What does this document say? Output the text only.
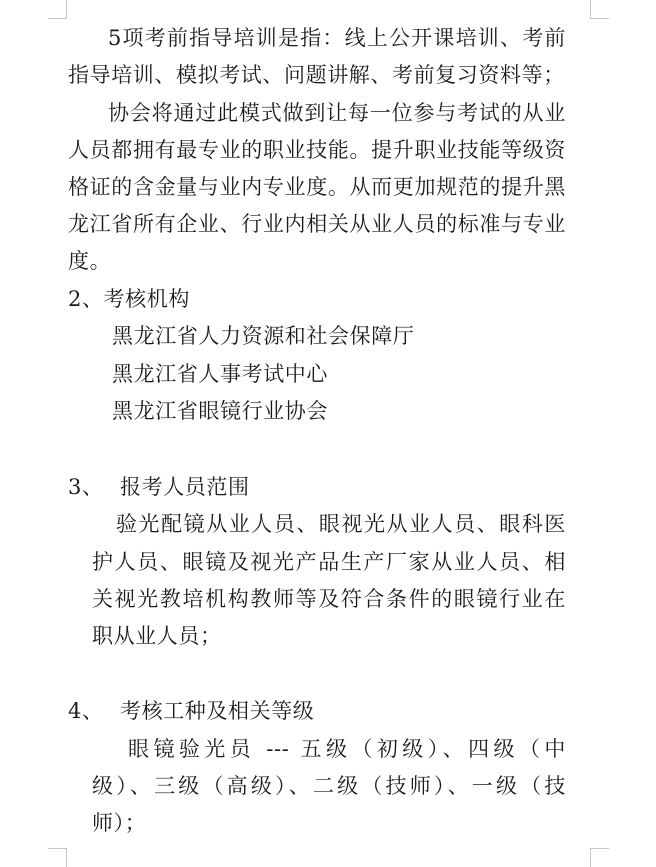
5项考前指导培训是指：线上公开课培训、考前
指导培训、模拟考试、问题讲解、考前复习资料等；
协会将通过此模式做到让每一位参与考试的从业
人员都拥有最专业的职业技能。提升职业技能等级资
格证的含金量与业内专业度。从而更加规范的提升黑
龙江省所有企业、行业内相关从业人员的标准与专业
度。
2、考核机构
黑龙江省人力资源和社会保障厅
黑龙江省人事考试中心
黑龙江省眼镜行业协会
3、 报考人员范围
验光配镜从业人员、眼视光从业人员、眼科医
护人员、眼镜及视光产品生产厂家从业人员、相
关视光教培机构教师等及符合条件的眼镜行业在
职从业人员；
4、 考核工种及相关等级
眼镜验光员 --- 五级（初级）、四级（中
级）、三级（高级）、二级（技师）、一级（技
师）；
